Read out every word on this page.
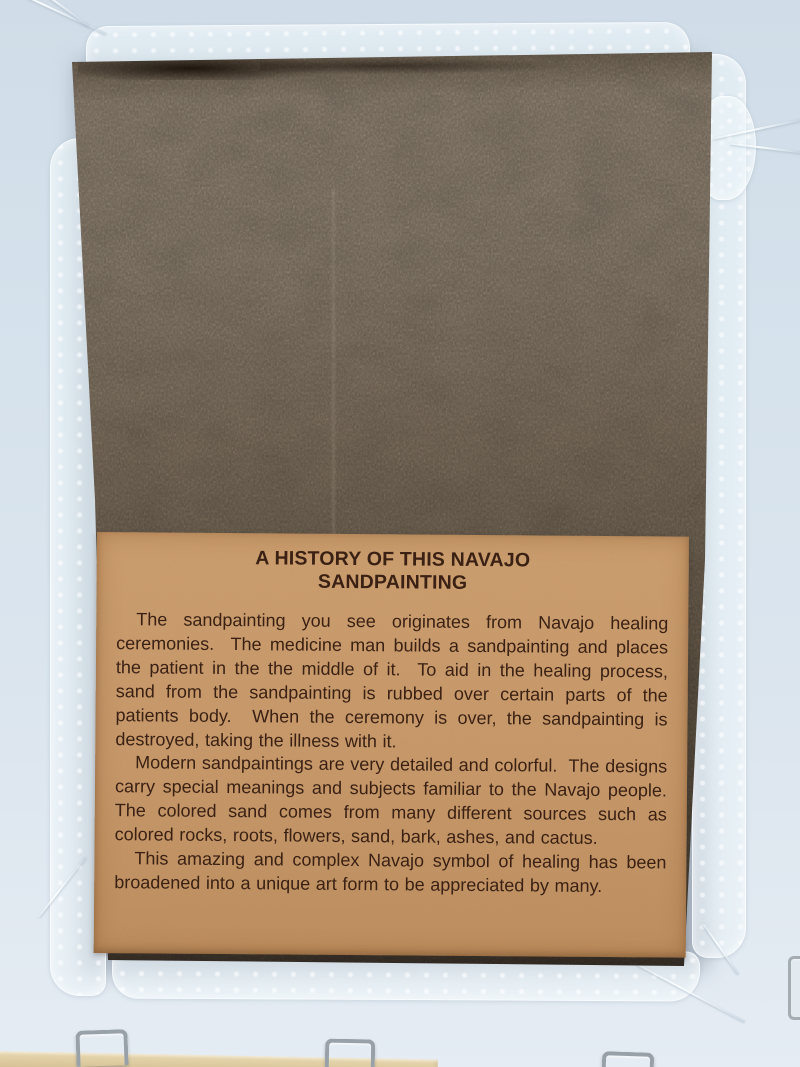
A HISTORY OF THIS NAVAJO
SANDPAINTING

The sandpainting you see originates from Navajo healing ceremonies.  The medicine man builds a sandpainting and places the patient in the the middle of it.  To aid in the healing process, sand from the sandpainting is rubbed over certain parts of the patients body.  When the ceremony is over, the sandpainting is destroyed, taking the illness with it.

Modern sandpaintings are very detailed and colorful.  The designs carry special meanings and subjects familiar to the Navajo people.  The colored sand comes from many different sources such as colored rocks, roots, flowers, sand, bark, ashes, and cactus.

This amazing and complex Navajo symbol of healing has been broadened into a unique art form to be appreciated by many.
